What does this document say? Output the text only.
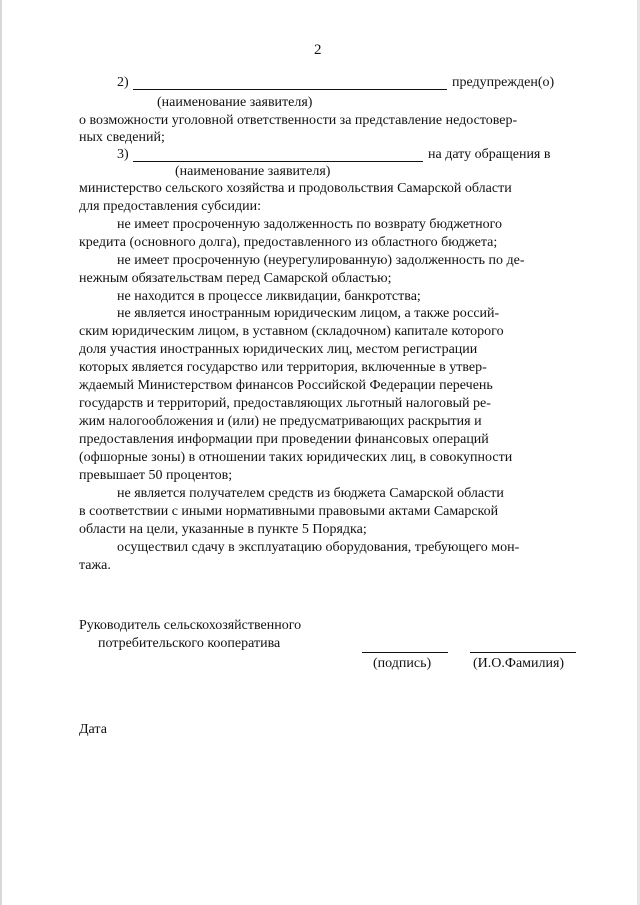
2
2)	предупрежден(о)
(наименование заявителя)
о возможности уголовной ответственности за представление недостовер-
ных сведений;
3)	на дату обращения в
(наименование заявителя)
министерство сельского хозяйства и продовольствия Самарской области
для предоставления субсидии:
не имеет просроченную задолженность по возврату бюджетного
кредита (основного долга), предоставленного из областного бюджета;
не имеет просроченную (неурегулированную) задолженность по де-
нежным обязательствам перед Самарской областью;
не находится в процессе ликвидации, банкротства;
не является иностранным юридическим лицом, а также россий-
ским юридическим лицом, в уставном (складочном) капитале которого
доля участия иностранных юридических лиц, местом регистрации
которых является государство или территория, включенные в утвер-
ждаемый Министерством финансов Российской Федерации перечень
государств и территорий, предоставляющих льготный налоговый ре-
жим налогообложения и (или) не предусматривающих раскрытия и
предоставления информации при проведении финансовых операций
(офшорные зоны) в отношении таких юридических лиц, в совокупности
превышает 50 процентов;
не является получателем средств из бюджета Самарской области
в соответствии с иными нормативными правовыми актами Самарской
области на цели, указанные в пункте 5 Порядка;
осуществил сдачу в эксплуатацию оборудования, требующего мон-
тажа.
Руководитель сельскохозяйственного
потребительского кооператива
(подпись)	(И.О.Фамилия)
Дата
